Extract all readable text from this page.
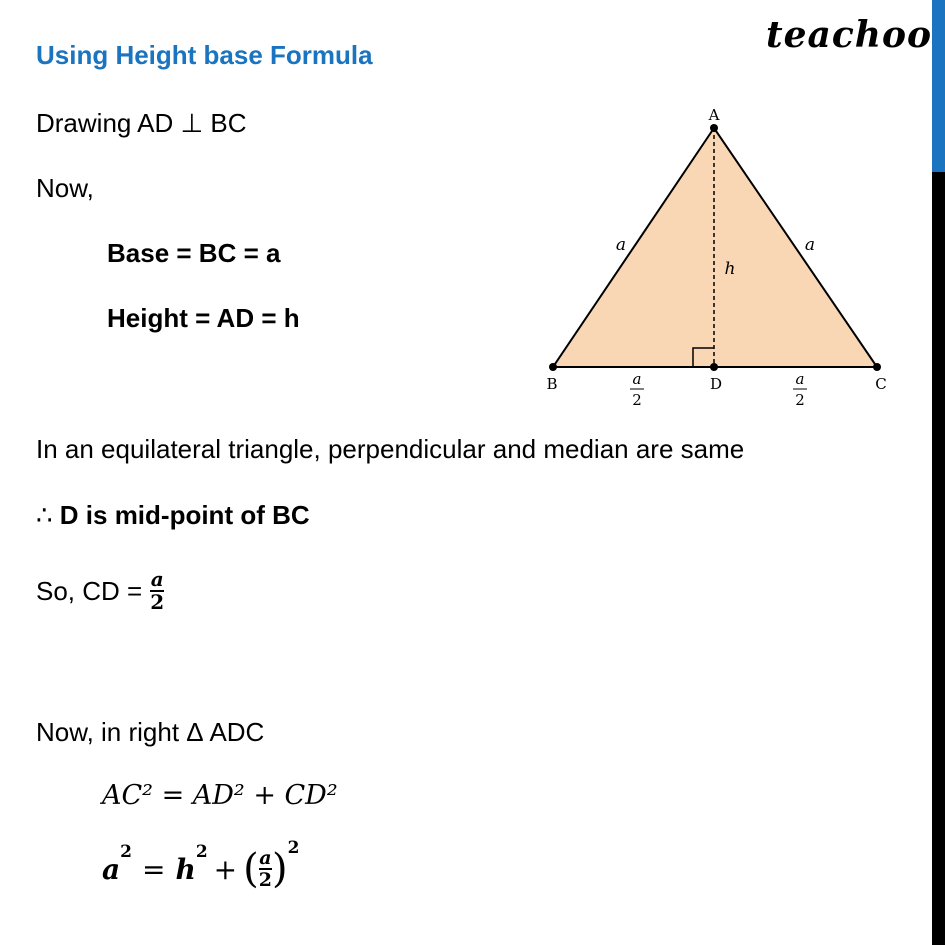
teachoo
Using Height base Formula
Drawing AD ⊥ BC
Now,
Base = BC = a
Height = AD = h
In an equilateral triangle, perpendicular and median are same
∴ D is mid-point of BC
So, CD = $\frac{a}{2}$
Now, in right Δ ADC
AC² = AD² + CD²
a
$^2$
= h
$^2$
+ ( $\frac{a}{2} )^2$
A
B	C
D
a	a
h
a
2
a
2
